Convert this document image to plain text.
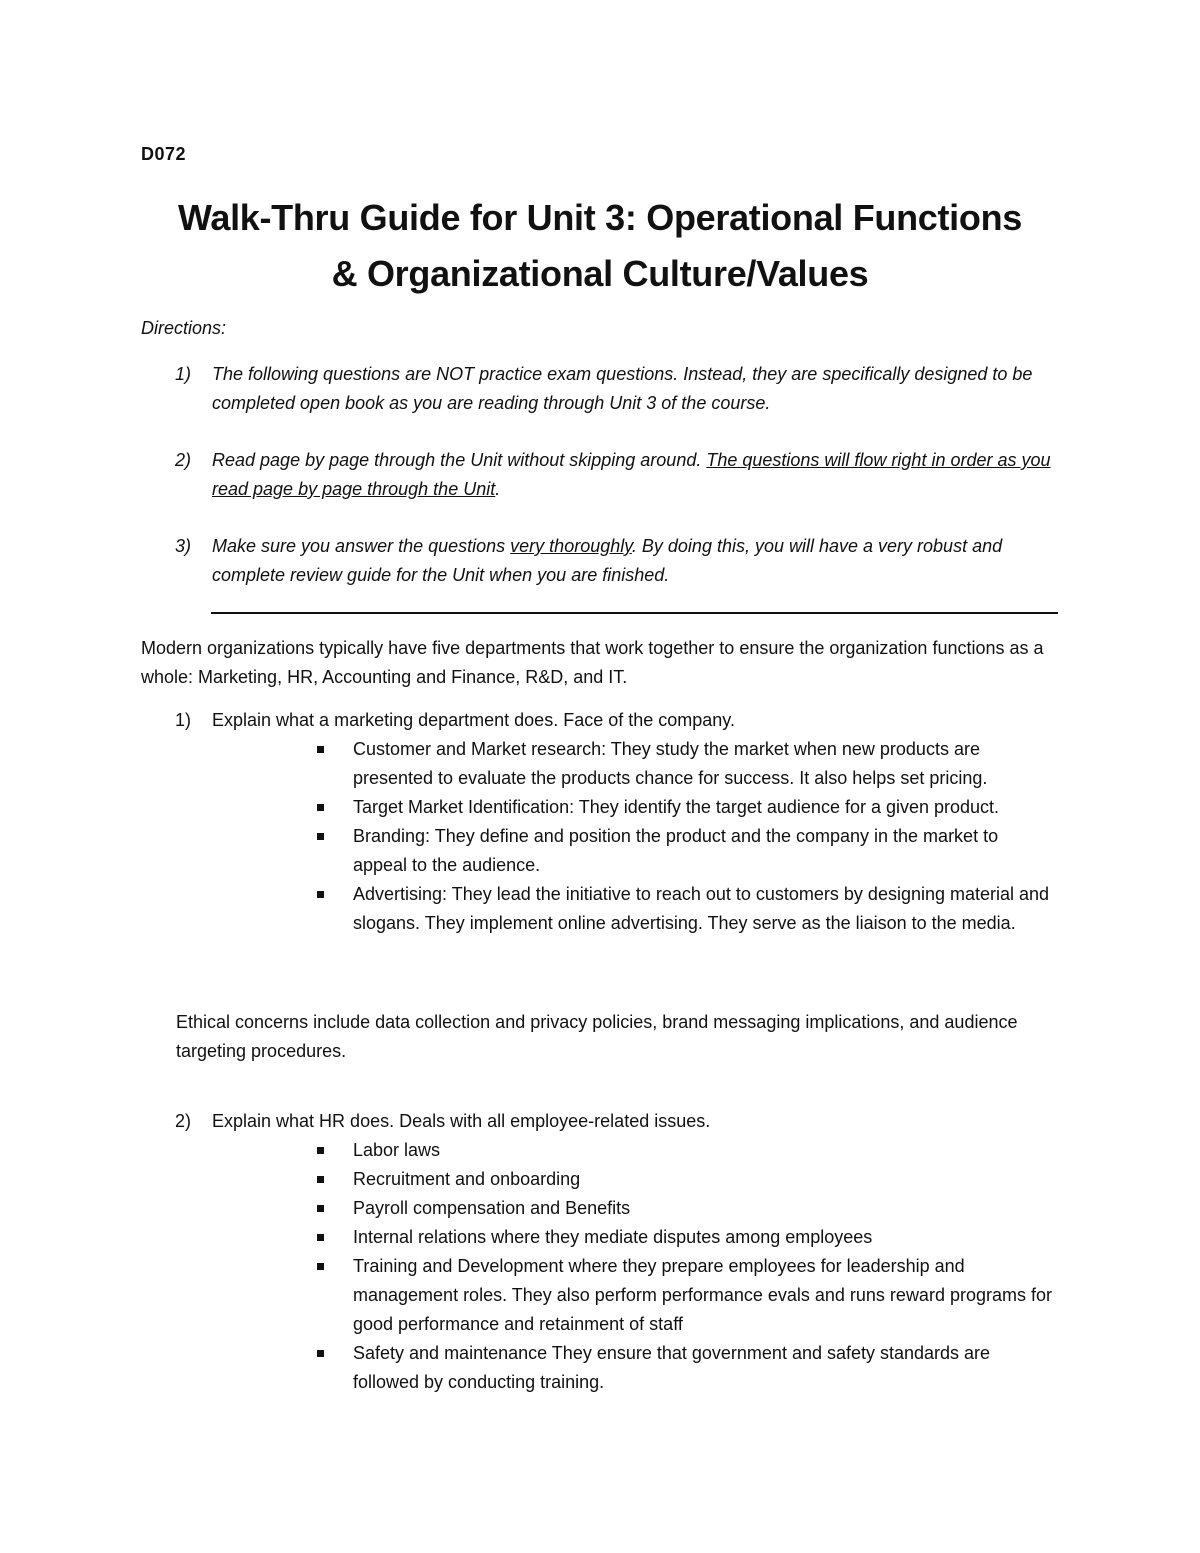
D072
Walk-Thru Guide for Unit 3: Operational Functions
& Organizational Culture/Values
Directions:
1) The following questions are NOT practice exam questions. Instead, they are specifically designed to be completed open book as you are reading through Unit 3 of the course.
2) Read page by page through the Unit without skipping around. The questions will flow right in order as you read page by page through the Unit.
3) Make sure you answer the questions very thoroughly. By doing this, you will have a very robust and complete review guide for the Unit when you are finished.
Modern organizations typically have five departments that work together to ensure the organization functions as a whole: Marketing, HR, Accounting and Finance, R&D, and IT.
1) Explain what a marketing department does. Face of the company.
Customer and Market research: They study the market when new products are presented to evaluate the products chance for success. It also helps set pricing.
Target Market Identification: They identify the target audience for a given product.
Branding: They define and position the product and the company in the market to appeal to the audience.
Advertising: They lead the initiative to reach out to customers by designing material and slogans. They implement online advertising. They serve as the liaison to the media.
Ethical concerns include data collection and privacy policies, brand messaging implications, and audience targeting procedures.
2) Explain what HR does. Deals with all employee-related issues.
Labor laws
Recruitment and onboarding
Payroll compensation and Benefits
Internal relations where they mediate disputes among employees
Training and Development where they prepare employees for leadership and management roles. They also perform performance evals and runs reward programs for good performance and retainment of staff
Safety and maintenance They ensure that government and safety standards are followed by conducting training.
